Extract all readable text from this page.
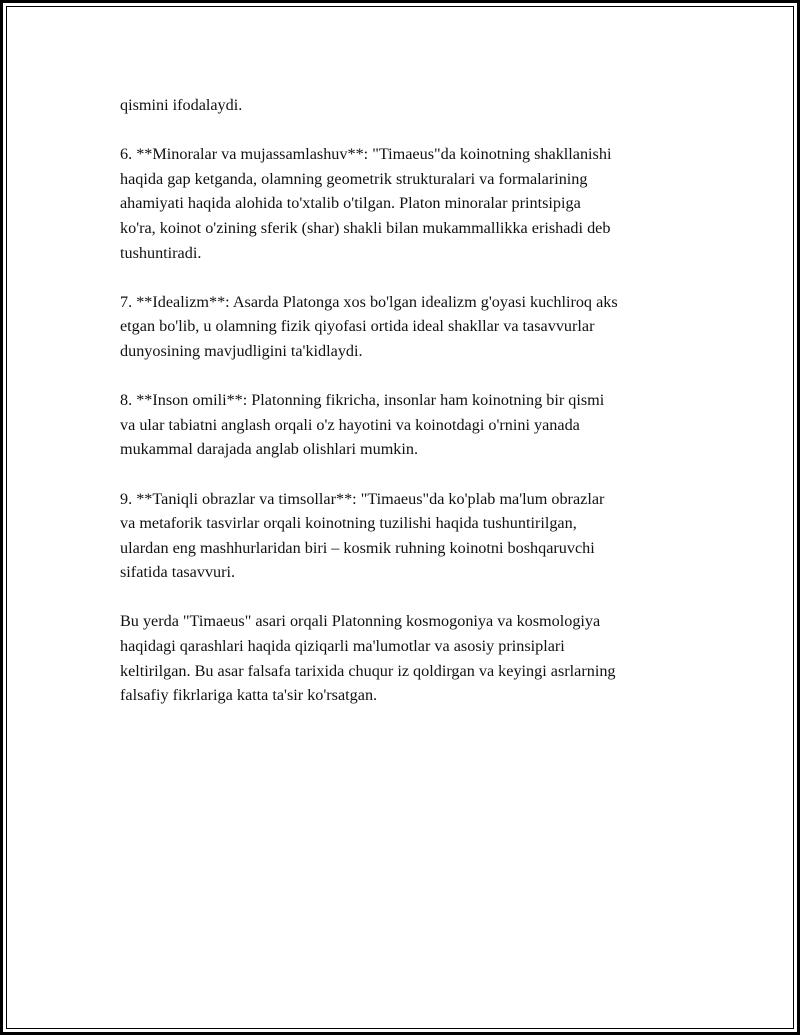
qismini ifodalaydi.

6. **Minoralar va mujassamlashuv**: "Timaeus"da koinotning shakllanishi
haqida gap ketganda, olamning geometrik strukturalari va formalarining
ahamiyati haqida alohida to'xtalib o'tilgan. Platon minoralar printsipiga
ko'ra, koinot o'zining sferik (shar) shakli bilan mukammallikka erishadi deb
tushuntiradi.

7. **Idealizm**: Asarda Platonga xos bo'lgan idealizm g'oyasi kuchliroq aks
etgan bo'lib, u olamning fizik qiyofasi ortida ideal shakllar va tasavvurlar
dunyosining mavjudligini ta'kidlaydi.

8. **Inson omili**: Platonning fikricha, insonlar ham koinotning bir qismi
va ular tabiatni anglash orqali o'z hayotini va koinotdagi o'rnini yanada
mukammal darajada anglab olishlari mumkin.

9. **Taniqli obrazlar va timsollar**: "Timaeus"da ko'plab ma'lum obrazlar
va metaforik tasvirlar orqali koinotning tuzilishi haqida tushuntirilgan,
ulardan eng mashhurlaridan biri – kosmik ruhning koinotni boshqaruvchi
sifatida tasavvuri.

Bu yerda "Timaeus" asari orqali Platonning kosmogoniya va kosmologiya
haqidagi qarashlari haqida qiziqarli ma'lumotlar va asosiy prinsiplari
keltirilgan. Bu asar falsafa tarixida chuqur iz qoldirgan va keyingi asrlarning
falsafiy fikrlariga katta ta'sir ko'rsatgan.
